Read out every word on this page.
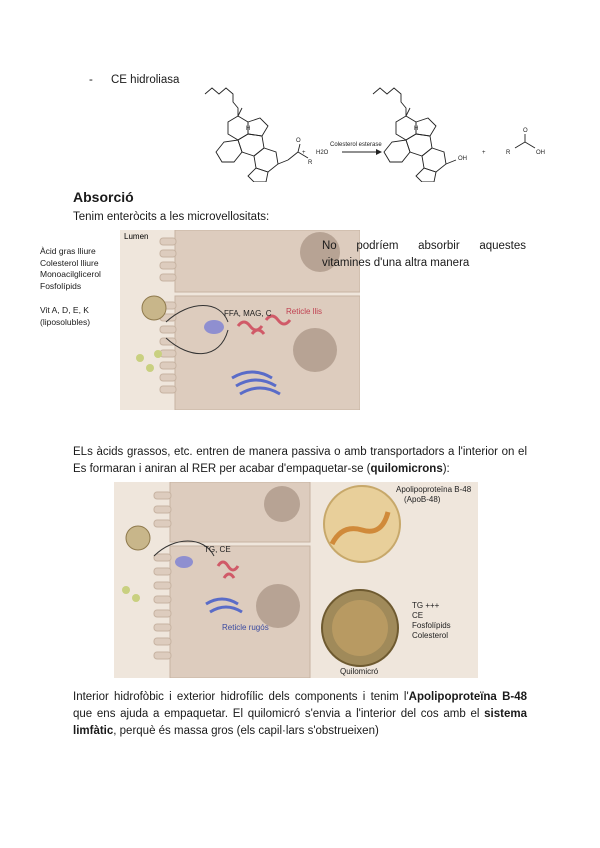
- CE hidroliasa
Colesterol esterase
+ H2O	+	R	OH
O
OH
R
O
H	H
Absorció
Tenim enteròcits a les microvellositats:
Àcid gras lliure
Colesterol lliure
Monoacilglicerol
Fosfolípids
Vit A, D, E, K
(liposolubles)
Lumen
FFA, MAG, C Reticle llis
No podríem absorbir aquestes vitamines d'una altra manera
ELs àcids grassos, etc. entren de manera passiva o amb transportadors a l'interior on el Es formaran i aniran al RER per acabar d'empaquetar-se (quilomicrons):
TG, CE
Reticle rugós
Apolipoproteïna B-48
(ApoB-48)
TG +++
CE
Fosfolípids
Colesterol
Quilomicró
Interior hidrofòbic i exterior hidrofílic dels components i tenim l'Apolipoproteïna B-48 que ens ajuda a empaquetar. El quilomicró s'envia a l'interior del cos amb el sistema limfàtic, perquè és massa gros (els capil·lars s'obstrueixen)
